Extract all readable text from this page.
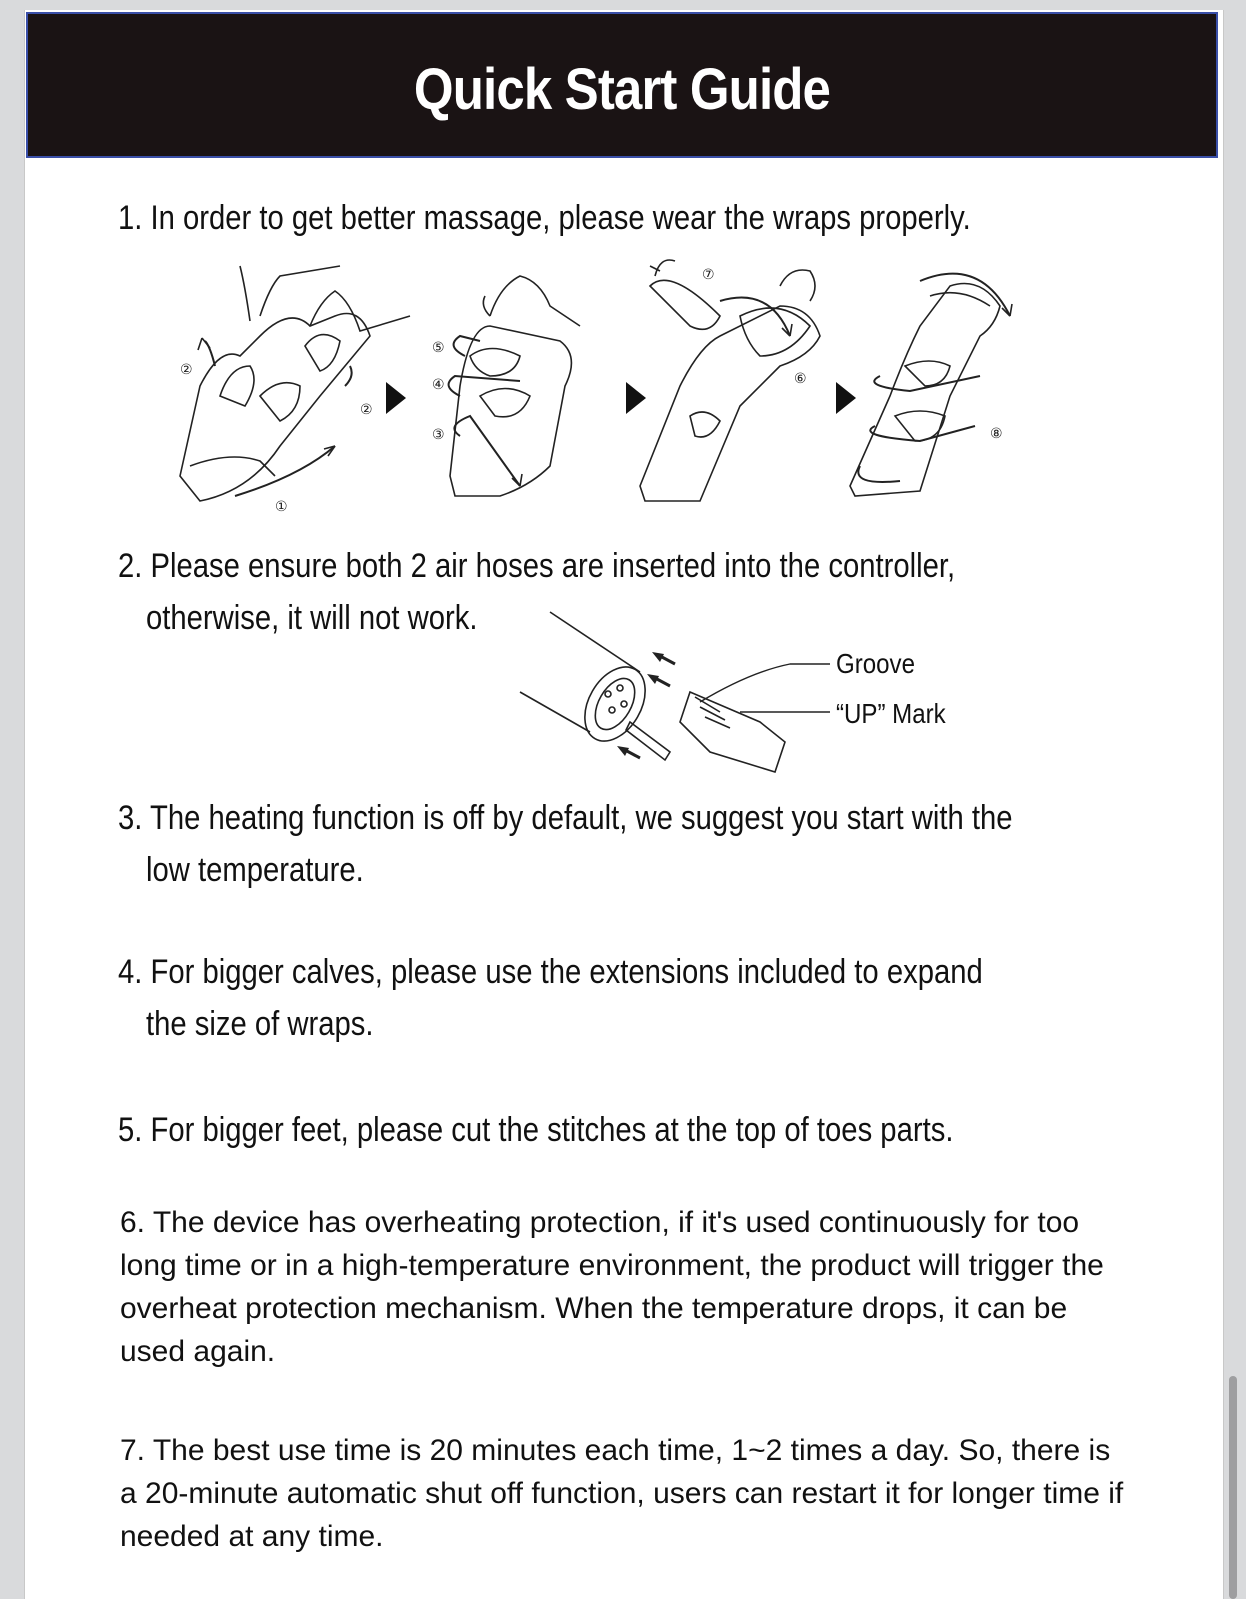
Quick Start Guide

1. In order to get better massage, please wear the wraps properly.

②
②
①
⑤
④
③
⑦
⑥
⑧

2. Please ensure both 2 air hoses are inserted into the controller,

otherwise, it will not work.

Groove
“UP” Mark

3. The heating function is off by default, we suggest you start with the

low temperature.

4. For bigger calves, please use the extensions included to expand

the size of wraps.

5. For bigger feet, please cut the stitches at the top of toes parts.

6. The device has overheating protection, if it's used continuously for too long time or in a high-temperature environment, the product will trigger the overheat protection mechanism. When the temperature drops, it can be used again.

7. The best use time is 20 minutes each time, 1~2 times a day. So, there is a 20-minute automatic shut off function, users can restart it for longer time if needed at any time.
